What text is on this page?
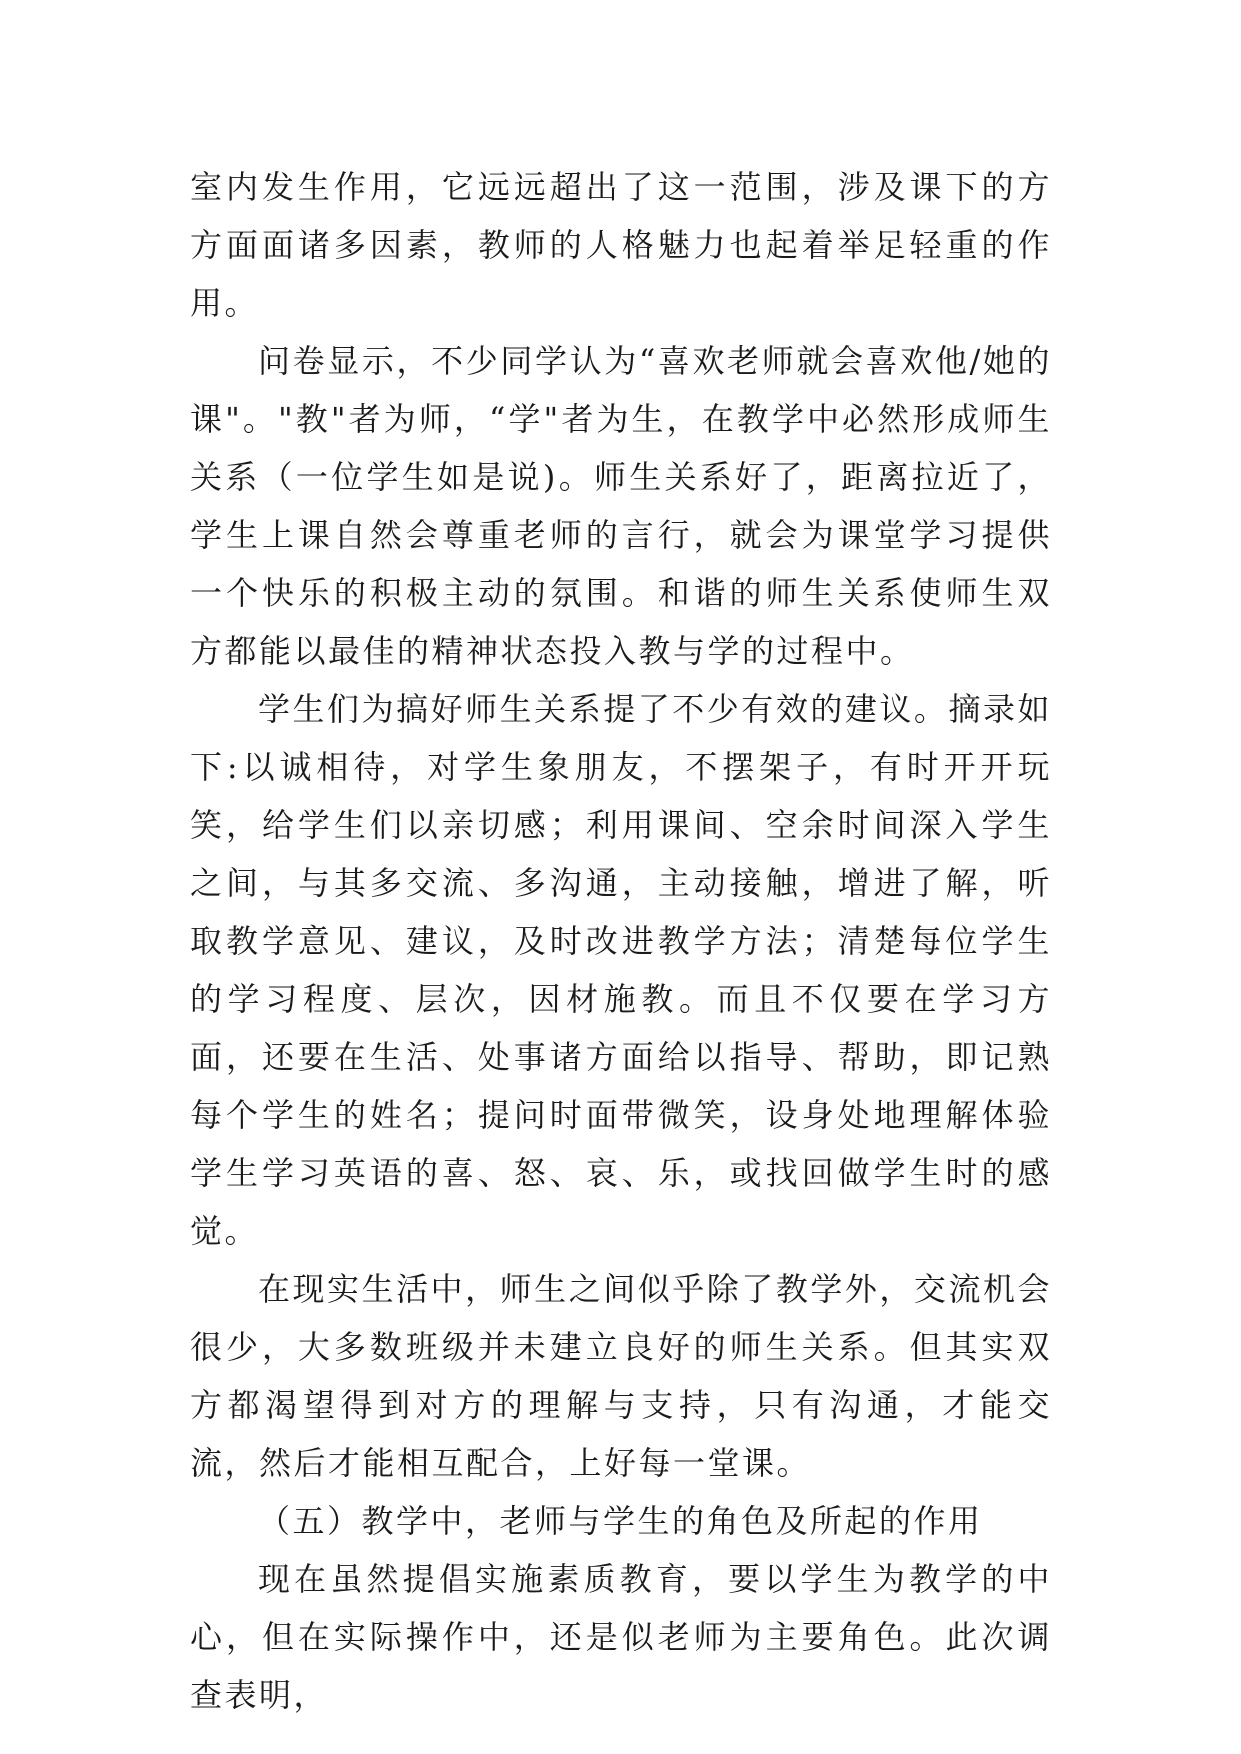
室内发生作用，它远远超出了这一范围，涉及课下的方方面面诸多因素，教师的人格魅力也起着举足轻重的作用。

问卷显示，不少同学认为“喜欢老师就会喜欢他/她的课"。"教"者为师，“学"者为生，在教学中必然形成师生关系（一位学生如是说)。师生关系好了，距离拉近了，学生上课自然会尊重老师的言行，就会为课堂学习提供一个快乐的积极主动的氛围。和谐的师生关系使师生双方都能以最佳的精神状态投入教与学的过程中。

学生们为搞好师生关系提了不少有效的建议。摘录如下:以诚相待，对学生象朋友，不摆架子，有时开开玩笑，给学生们以亲切感；利用课间、空余时间深入学生之间，与其多交流、多沟通，主动接触，增进了解，听取教学意见、建议，及时改进教学方法；清楚每位学生的学习程度、层次，因材施教。而且不仅要在学习方面，还要在生活、处事诸方面给以指导、帮助，即记熟每个学生的姓名；提问时面带微笑，设身处地理解体验学生学习英语的喜、怒、哀、乐，或找回做学生时的感觉。

在现实生活中，师生之间似乎除了教学外，交流机会很少，大多数班级并未建立良好的师生关系。但其实双方都渴望得到对方的理解与支持，只有沟通，才能交流，然后才能相互配合，上好每一堂课。

（五）教学中，老师与学生的角色及所起的作用

现在虽然提倡实施素质教育，要以学生为教学的中心，但在实际操作中，还是似老师为主要角色。此次调查表明，
